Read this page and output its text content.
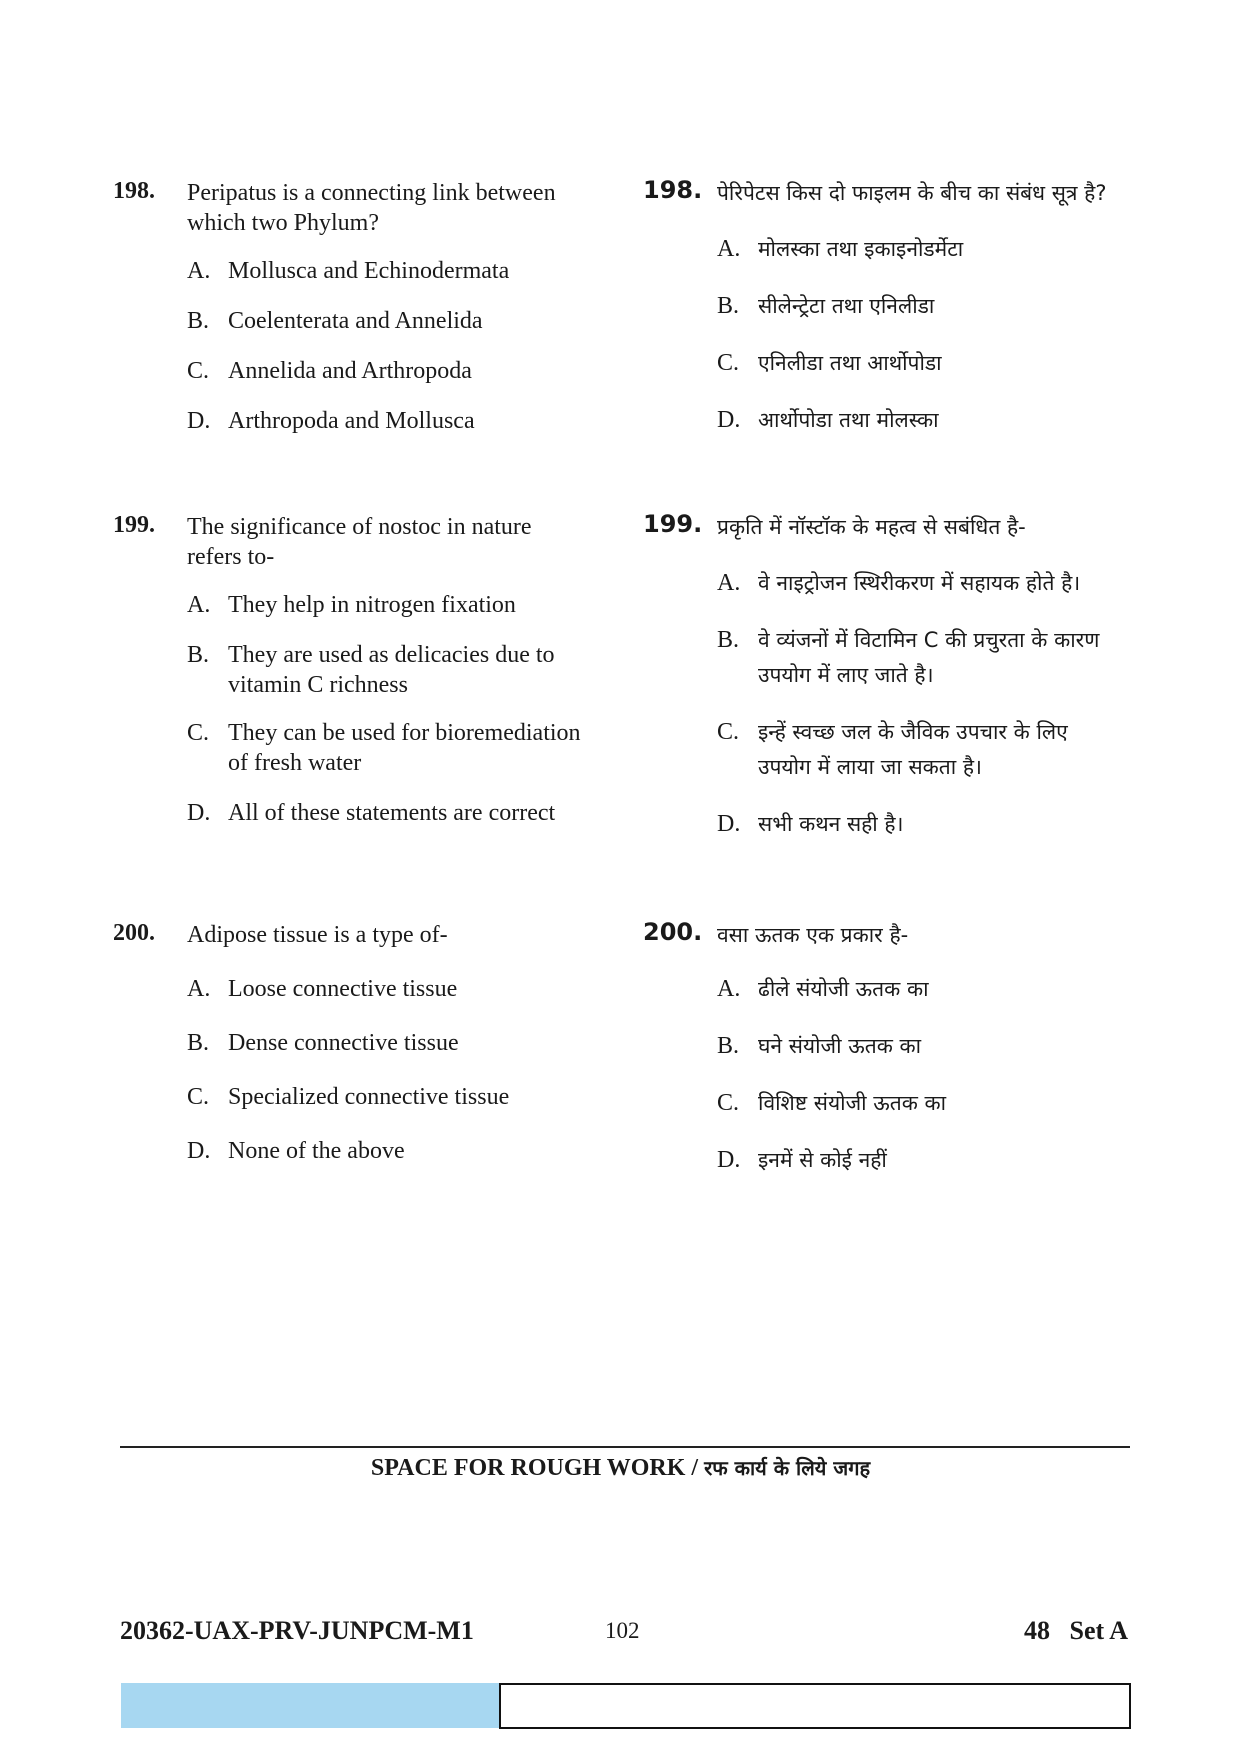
198. Peripatus is a connecting link between
which two Phylum?
A. Mollusca and Echinodermata
B. Coelenterata and Annelida
C. Annelida and Arthropoda
D. Arthropoda and Mollusca
199. The significance of nostoc in nature
refers to-
A. They help in nitrogen fixation
B. They are used as delicacies due to
vitamin C richness
C. They can be used for bioremediation
of fresh water
D. All of these statements are correct
200. Adipose tissue is a type of-
A. Loose connective tissue
B. Dense connective tissue
C. Specialized connective tissue
D. None of the above
198. पेरिपेटस किस दो फाइलम के बीच का संबंध सूत्र है?
A. मोलस्का तथा इकाइनोडर्मेटा
B. सीलेन्ट्रेटा तथा एनिलीडा
C. एनिलीडा तथा आर्थोपोडा
D. आर्थोपोडा तथा मोलस्का
199. प्रकृति में नॉस्टॉक के महत्व से सबंधित है-
A. वे नाइट्रोजन स्थिरीकरण में सहायक होते है।
B. वे व्यंजनों में विटामिन C की प्रचुरता के कारण
उपयोग में लाए जाते है।
C. इन्हें स्वच्छ जल के जैविक उपचार के लिए
उपयोग में लाया जा सकता है।
D. सभी कथन सही है।
200. वसा ऊतक एक प्रकार है-
A. ढीले संयोजी ऊतक का
B. घने संयोजी ऊतक का
C. विशिष्ट संयोजी ऊतक का
D. इनमें से कोई नहीं
SPACE FOR ROUGH WORK / रफ कार्य के लिये जगह
20362-UAX-PRV-JUNPCM-M1	102	48   Set A
